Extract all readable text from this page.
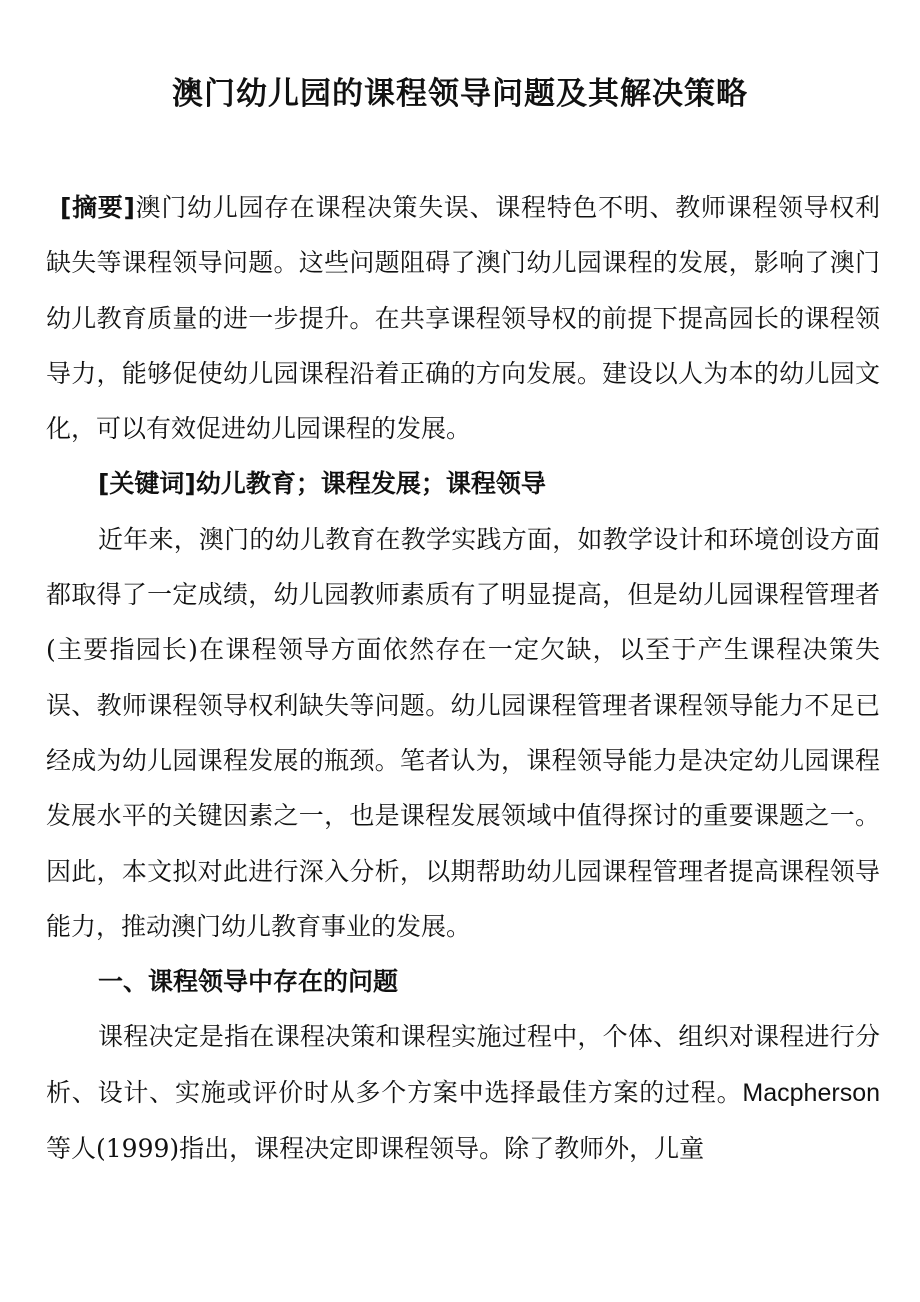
澳门幼儿园的课程领导问题及其解决策略

[摘要]澳门幼儿园存在课程决策失误、课程特色不明、教师课程领导权利缺失等课程领导问题。这些问题阻碍了澳门幼儿园课程的发展，影响了澳门幼儿教育质量的进一步提升。在共享课程领导权的前提下提高园长的课程领导力，能够促使幼儿园课程沿着正确的方向发展。建设以人为本的幼儿园文化，可以有效促进幼儿园课程的发展。

[关键词]幼儿教育；课程发展；课程领导

近年来，澳门的幼儿教育在教学实践方面，如教学设计和环境创设方面都取得了一定成绩，幼儿园教师素质有了明显提高，但是幼儿园课程管理者(主要指园长)在课程领导方面依然存在一定欠缺，以至于产生课程决策失误、教师课程领导权利缺失等问题。幼儿园课程管理者课程领导能力不足已经成为幼儿园课程发展的瓶颈。笔者认为，课程领导能力是决定幼儿园课程发展水平的关键因素之一，也是课程发展领域中值得探讨的重要课题之一。因此，本文拟对此进行深入分析，以期帮助幼儿园课程管理者提高课程领导能力，推动澳门幼儿教育事业的发展。

一、课程领导中存在的问题

课程决定是指在课程决策和课程实施过程中，个体、组织对课程进行分析、设计、实施或评价时从多个方案中选择最佳方案的过程。Macpherson 等人(1999)指出，课程决定即课程领导。除了教师外，儿童
